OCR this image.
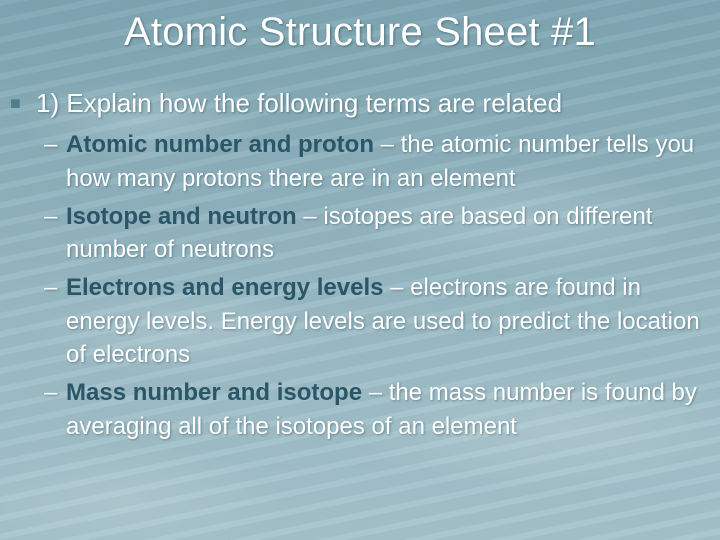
Atomic Structure Sheet #1
■ 1) Explain how the following terms are related
– Atomic number and proton – the atomic number tells you how many protons there are in an element
– Isotope and neutron – isotopes are based on different number of neutrons
– Electrons and energy levels – electrons are found in energy levels. Energy levels are used to predict the location of electrons
– Mass number and isotope – the mass number is found by averaging all of the isotopes of an element
